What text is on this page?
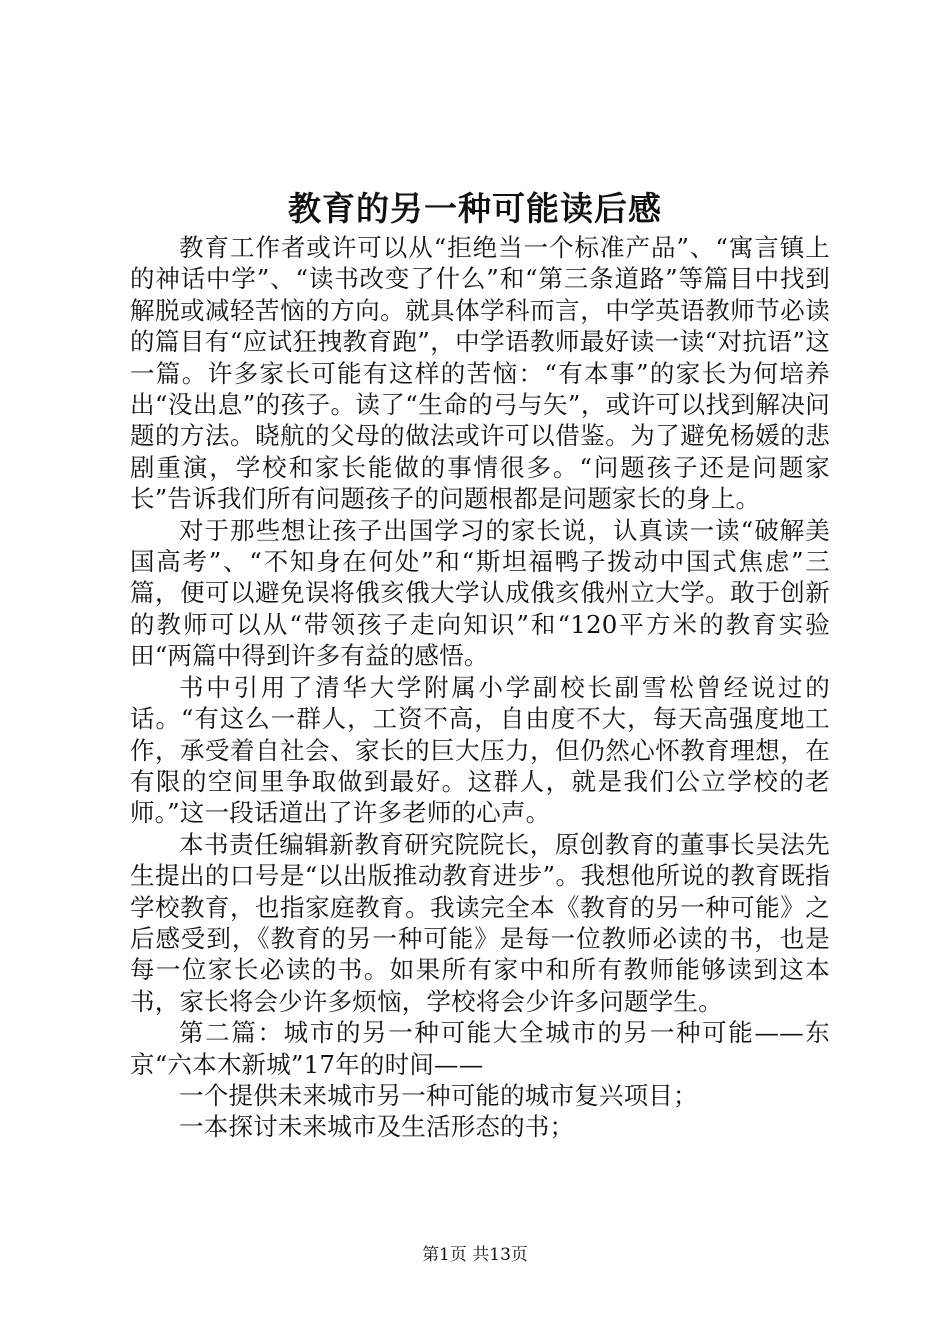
教育的另一种可能读后感

教育工作者或许可以从“拒绝当一个标准产品”、“寓言镇上的神话中学”、“读书改变了什么”和“第三条道路”等篇目中找到解脱或减轻苦恼的方向。就具体学科而言，中学英语教师节必读的篇目有“应试狂拽教育跑”，中学语教师最好读一读“对抗语”这一篇。许多家长可能有这样的苦恼：“有本事”的家长为何培养出“没出息”的孩子。读了“生命的弓与矢”，或许可以找到解决问题的方法。晓航的父母的做法或许可以借鉴。为了避免杨媛的悲剧重演，学校和家长能做的事情很多。“问题孩子还是问题家长”告诉我们所有问题孩子的问题根都是问题家长的身上。

对于那些想让孩子出国学习的家长说，认真读一读“破解美国高考”、“不知身在何处”和“斯坦福鸭子拨动中国式焦虑”三篇，便可以避免误将俄亥俄大学认成俄亥俄州立大学。敢于创新的教师可以从“带领孩子走向知识”和“120平方米的教育实验田“两篇中得到许多有益的感悟。

书中引用了清华大学附属小学副校长副雪松曾经说过的话。“有这么一群人，工资不高，自由度不大，每天高强度地工作，承受着自社会、家长的巨大压力，但仍然心怀教育理想，在有限的空间里争取做到最好。这群人，就是我们公立学校的老师。”这一段话道出了许多老师的心声。

本书责任编辑新教育研究院院长，原创教育的董事长吴法先生提出的口号是“以出版推动教育进步”。我想他所说的教育既指学校教育，也指家庭教育。我读完全本《教育的另一种可能》之后感受到，《教育的另一种可能》是每一位教师必读的书，也是每一位家长必读的书。如果所有家中和所有教师能够读到这本书，家长将会少许多烦恼，学校将会少许多问题学生。

第二篇：城市的另一种可能大全城市的另一种可能——东京“六本木新城”17年的时间——

一个提供未来城市另一种可能的城市复兴项目；

一本探讨未来城市及生活形态的书；

第1页 共13页
